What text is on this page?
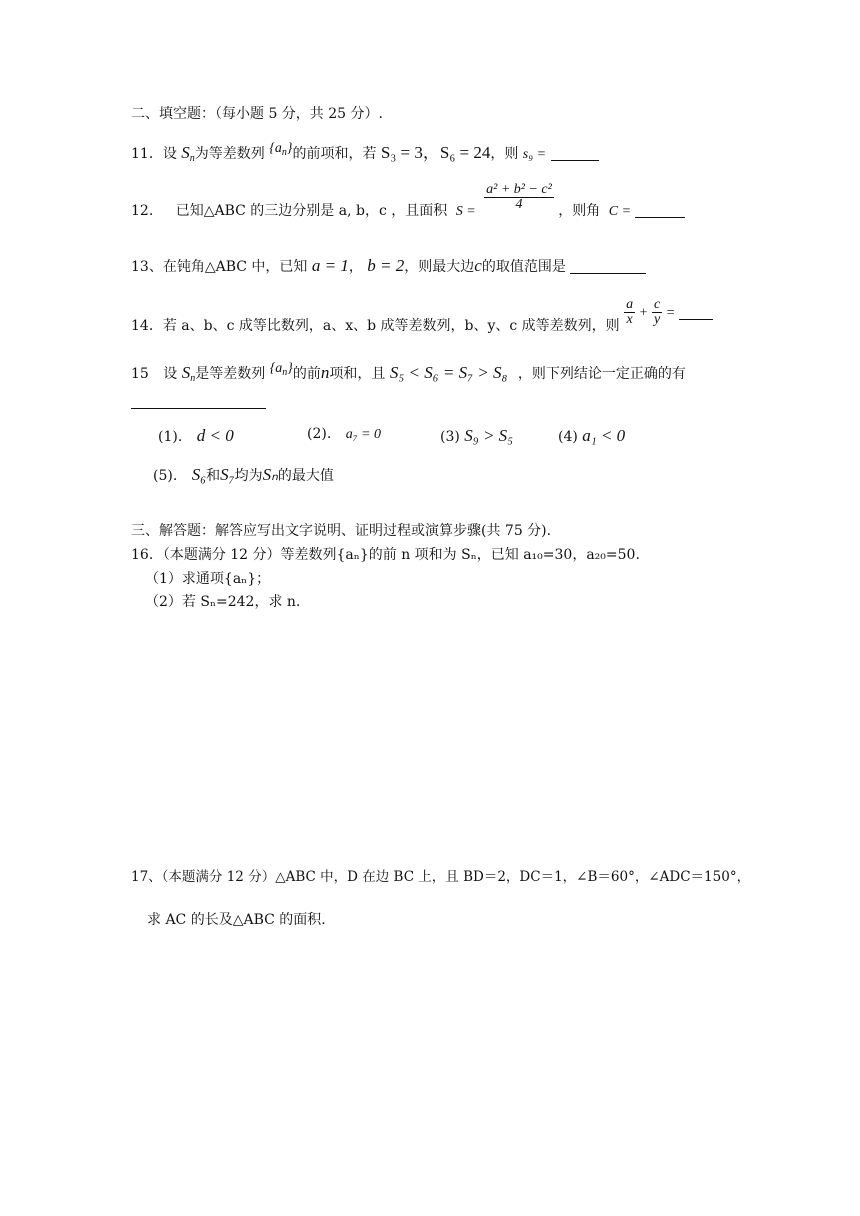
二、填空题：（每小题 5 分，共 25 分）.
11．设 $S_n$为等差数列 $\{a_n\}$的前项和，若 S₃ = 3，S₆ = 24，则 s₉ =
12. 已知△ABC 的三边分别是 a, b，c ，且面积 $S = \frac{\text{a² + b² − c²}}{4}$ ，则角 C =
13、在钝角△ABC 中，已知 a = 1， b = 2，则最大边c的取值范围是
14．若 a、b、c 成等比数列，a、x、b 成等差数列，b、y、c 成等差数列，则 $\frac{a}{x} + \frac{c}{y}$ =
15 设 $S_n$是等差数列 $\{a_n\}$的前n项和，且 S₅ < S₆ = S₇ > S₈ ，则下列结论一定正确的有
(1). d < 0	(2). a₇ = 0	(3) S₉ > S₅	(4) a₁ < 0
(5). S₆和S₇均为Sₙ的最大值
三、解答题：解答应写出文字说明、证明过程或演算步骤(共 75 分).
16．（本题满分 12 分）等差数列{aₙ}的前 n 项和为 Sₙ，已知 a₁₀=30，a₂₀=50.
（1）求通项{aₙ}；
（2）若 Sₙ=242，求 n.
17、（本题满分 12 分）△ABC 中，D 在边 BC 上，且 BD＝2，DC＝1，∠B＝60°，∠ADC＝150°，
求 AC 的长及△ABC 的面积.
